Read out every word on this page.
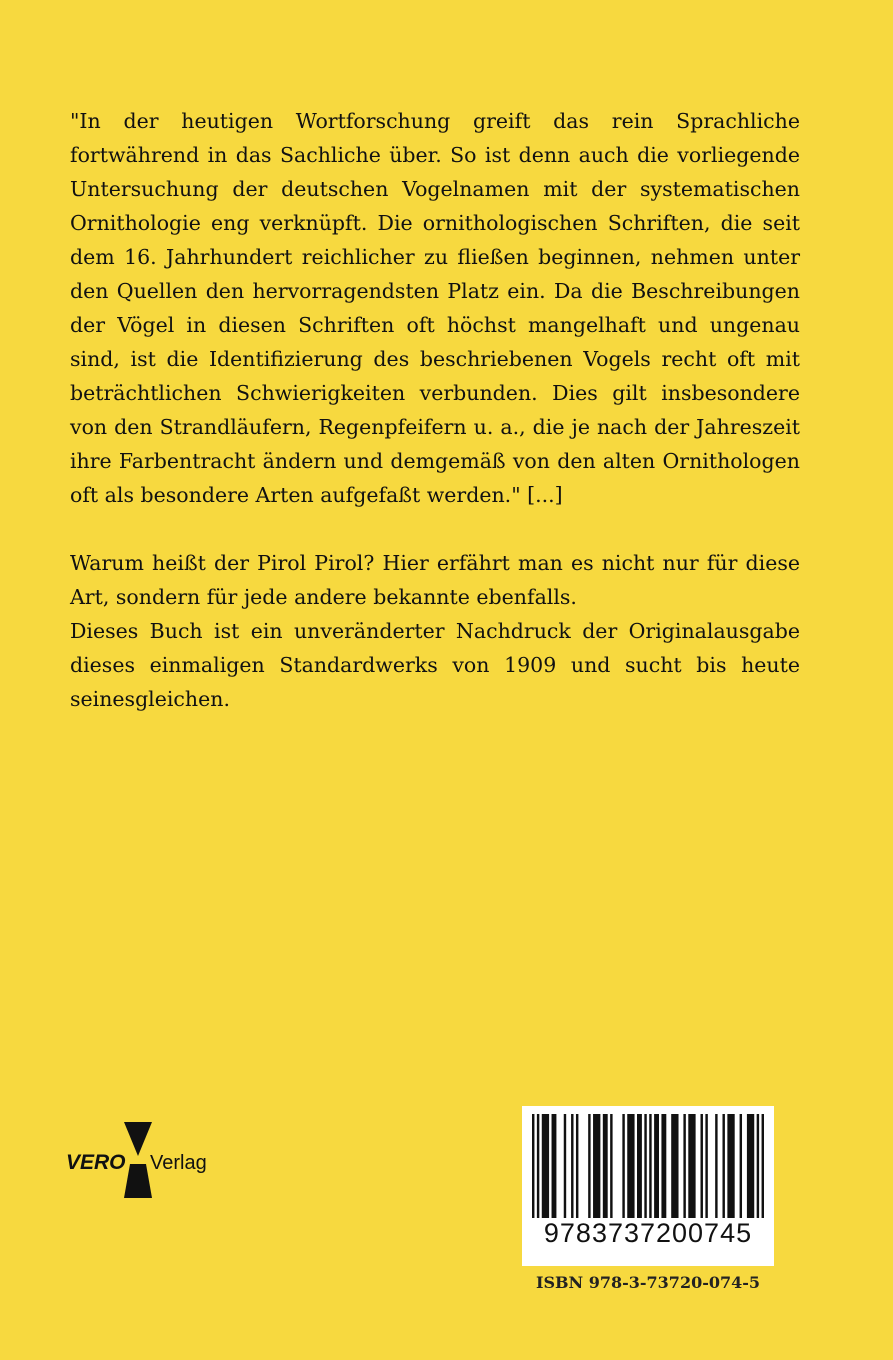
"In der heutigen Wortforschung greift das rein Sprachliche fortwährend in das Sachliche über. So ist denn auch die vorliegende Untersuchung der deutschen Vogelnamen mit der systematischen Ornithologie eng verknüpft. Die ornithologischen Schriften, die seit dem 16. Jahrhundert reichlicher zu fließen beginnen, nehmen unter den Quellen den hervorragendsten Platz ein. Da die Beschreibungen der Vögel in diesen Schriften oft höchst mangelhaft und ungenau sind, ist die Identifizierung des beschriebenen Vogels recht oft mit beträchtlichen Schwierigkeiten verbunden. Dies gilt insbesondere von den Strandläufern, Regenpfeifern u. a., die je nach der Jahreszeit ihre Farbentracht ändern und demgemäß von den alten Ornithologen oft als besondere Arten aufgefaßt werden." [...]

Warum heißt der Pirol Pirol? Hier erfährt man es nicht nur für diese Art, sondern für jede andere bekannte ebenfalls.

Dieses Buch ist ein unveränderter Nachdruck der Originalausgabe dieses einmaligen Standardwerks von 1909 und sucht bis heute seinesgleichen.

VERO Verlag
9783737200745
ISBN 978-3-73720-074-5
